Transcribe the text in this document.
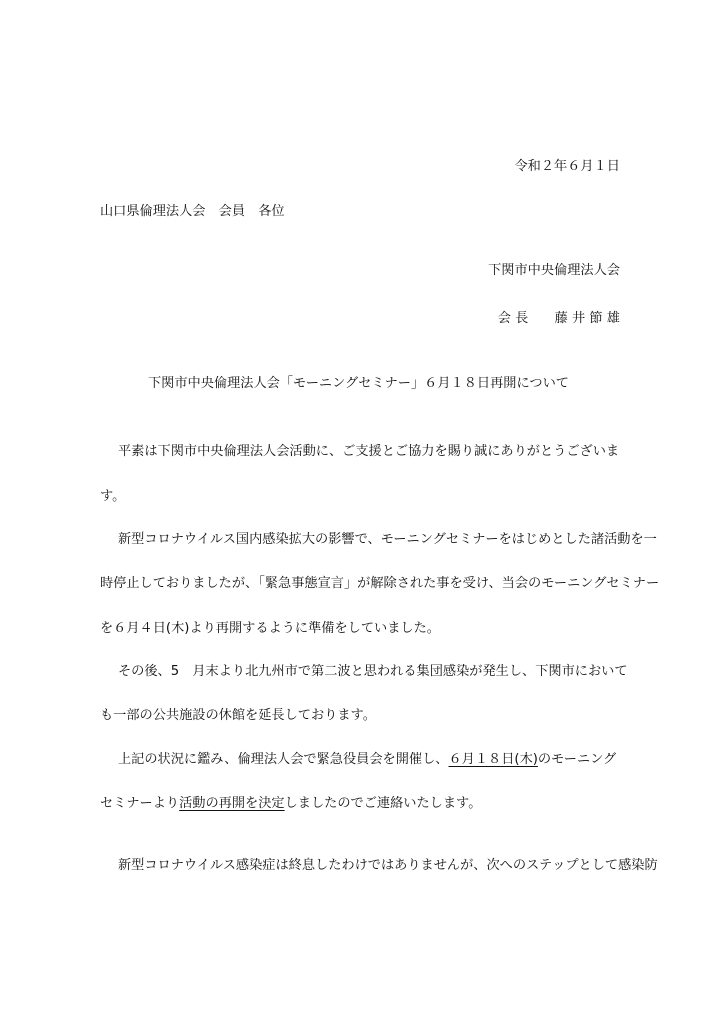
令和２年６月１日
山口県倫理法人会　会員　各位
下関市中央倫理法人会
会 長　　藤 井 節 雄
下関市中央倫理法人会「モーニングセミナー」６月１８日再開について
平素は下関市中央倫理法人会活動に、ご支援とご協力を賜り誠にありがとうございま
す。
新型コロナウイルス国内感染拡大の影響で、モーニングセミナーをはじめとした諸活動を一
時停止しておりましたが、「緊急事態宣言」が解除された事を受け、当会のモーニングセミナー
を６月４日(木)より再開するように準備をしていました。
その後、5　月末より北九州市で第二波と思われる集団感染が発生し、下関市において
も一部の公共施設の休館を延長しております。
上記の状況に鑑み、倫理法人会で緊急役員会を開催し、６月１８日(木)のモーニング
セミナーより活動の再開を決定しましたのでご連絡いたします。
新型コロナウイルス感染症は終息したわけではありませんが、次へのステップとして感染防
